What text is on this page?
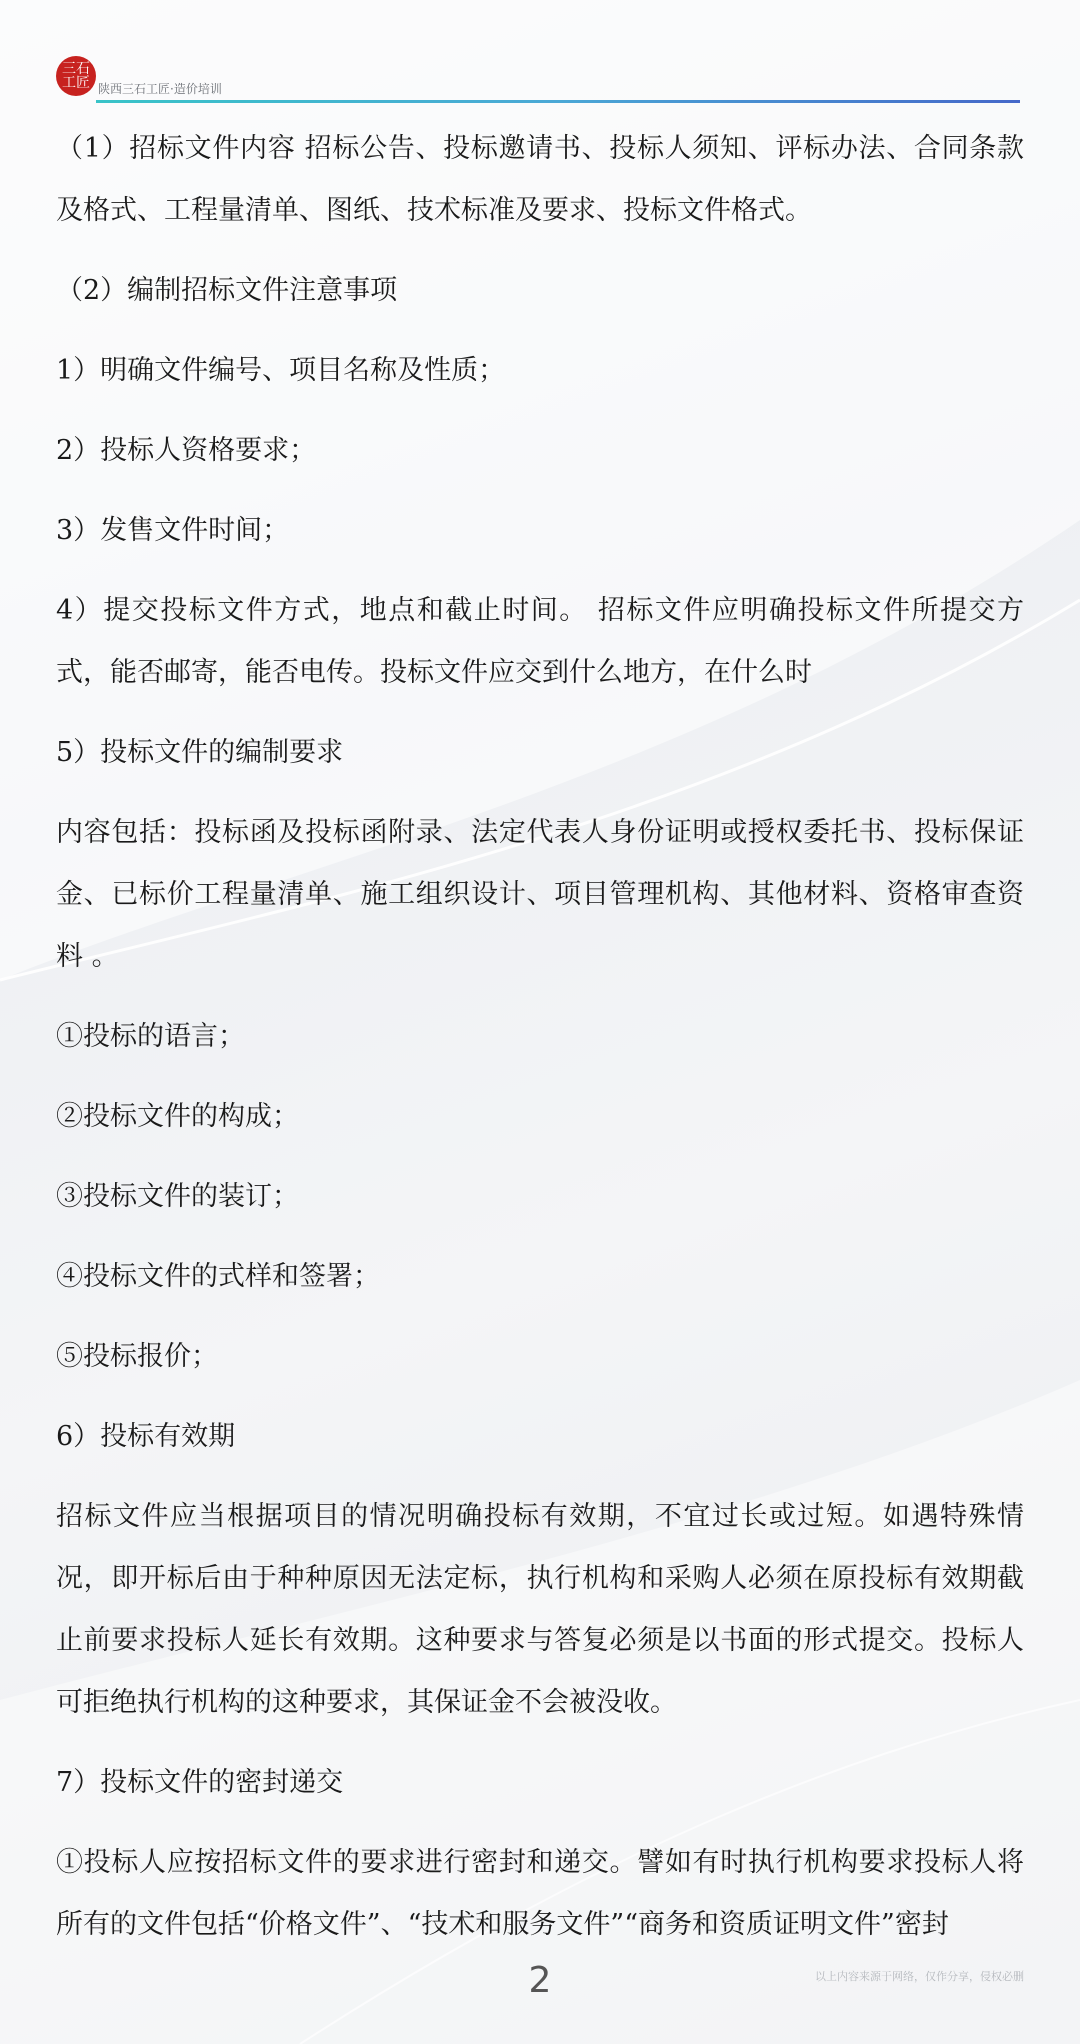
三石工匠 陕西三石工匠·造价培训

（1）招标文件内容 招标公告、投标邀请书、投标人须知、评标办法、合同条款及格式、工程量清单、图纸、技术标准及要求、投标文件格式。

（2）编制招标文件注意事项

1）明确文件编号、项目名称及性质；

2）投标人资格要求；

3）发售文件时间；

4）提交投标文件方式，地点和截止时间。 招标文件应明确投标文件所提交方式，能否邮寄，能否电传。投标文件应交到什么地方，在什么时

5）投标文件的编制要求

内容包括：投标函及投标函附录、法定代表人身份证明或授权委托书、投标保证金、已标价工程量清单、施工组织设计、项目管理机构、其他材料、资格审查资料 。

①投标的语言；

②投标文件的构成；

③投标文件的装订；

④投标文件的式样和签署；

⑤投标报价；

6）投标有效期

招标文件应当根据项目的情况明确投标有效期，不宜过长或过短。如遇特殊情况，即开标后由于种种原因无法定标，执行机构和采购人必须在原投标有效期截止前要求投标人延长有效期。这种要求与答复必须是以书面的形式提交。投标人可拒绝执行机构的这种要求，其保证金不会被没收。

7）投标文件的密封递交

①投标人应按招标文件的要求进行密封和递交。譬如有时执行机构要求投标人将所有的文件包括“价格文件”、“技术和服务文件”“商务和资质证明文件”密封

2	以上内容来源于网络，仅作分享，侵权必删
